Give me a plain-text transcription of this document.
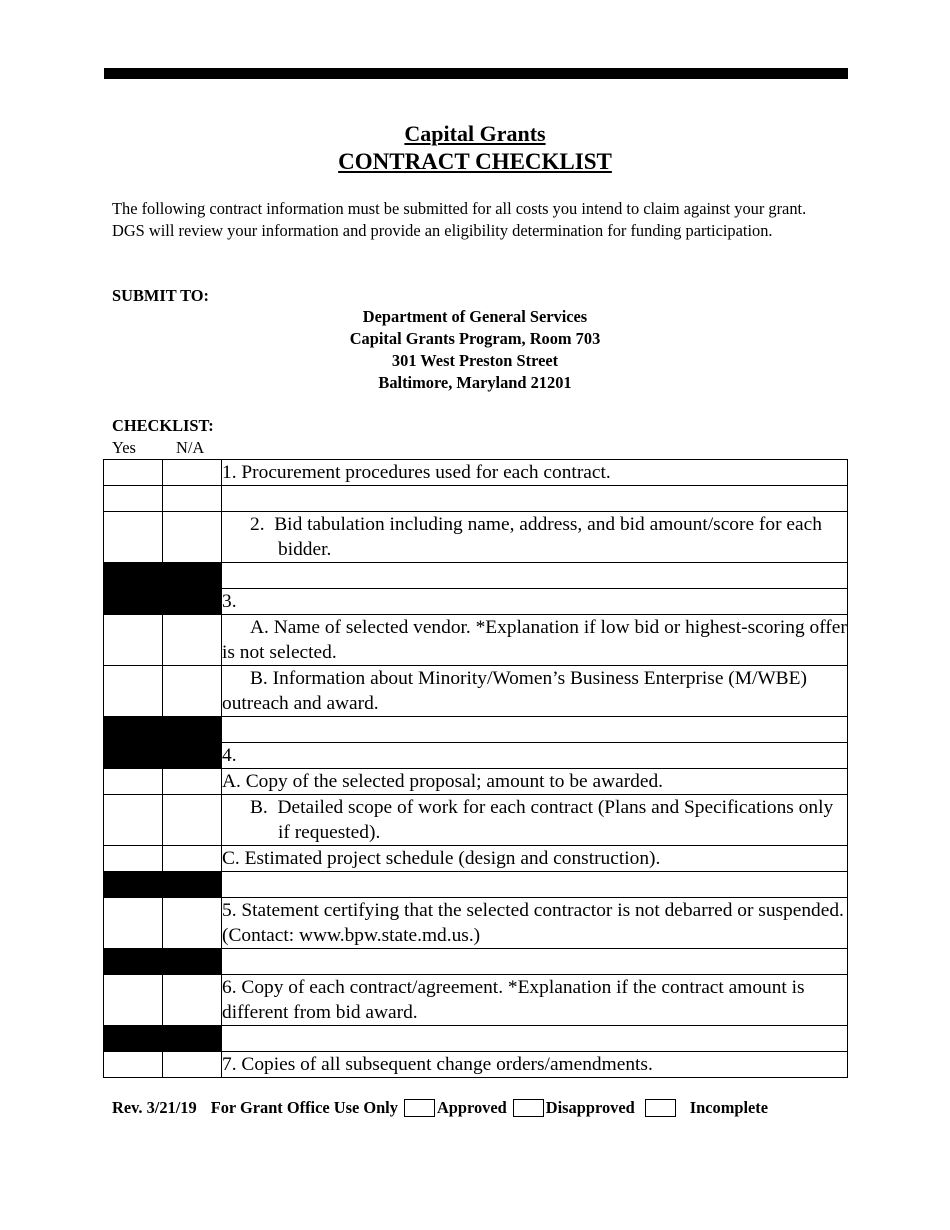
Capital Grants
CONTRACT CHECKLIST

The following contract information must be submitted for all costs you intend to claim against your grant. DGS will review your information and provide an eligibility determination for funding participation.

SUBMIT TO:

Department of General Services
Capital Grants Program, Room 703
301 West Preston Street
Baltimore, Maryland 21201

CHECKLIST:

Yes N/A
		1. Procurement procedures used for each contract.

		2. Bid tabulation including name, address, and bid amount/score for each bidder.

		3.
		A. Name of selected vendor. *Explanation if low bid or highest-scoring offer is not selected.
		B. Information about Minority/Women’s Business Enterprise (M/WBE) outreach and award.

		4.
		A. Copy of the selected proposal; amount to be awarded.

		B. Detailed scope of work for each contract (Plans and Specifications only if requested).

		C. Estimated project schedule (design and construction).

		5. Statement certifying that the selected contractor is not debarred or suspended. (Contact: www.bpw.state.md.us.)

		6. Copy of each contract/agreement. *Explanation if the contract amount is different from bid award.

		7. Copies of all subsequent change orders/amendments.
Rev. 3/21/19 For Grant Office Use Only Approved Disapproved	Incomplete
